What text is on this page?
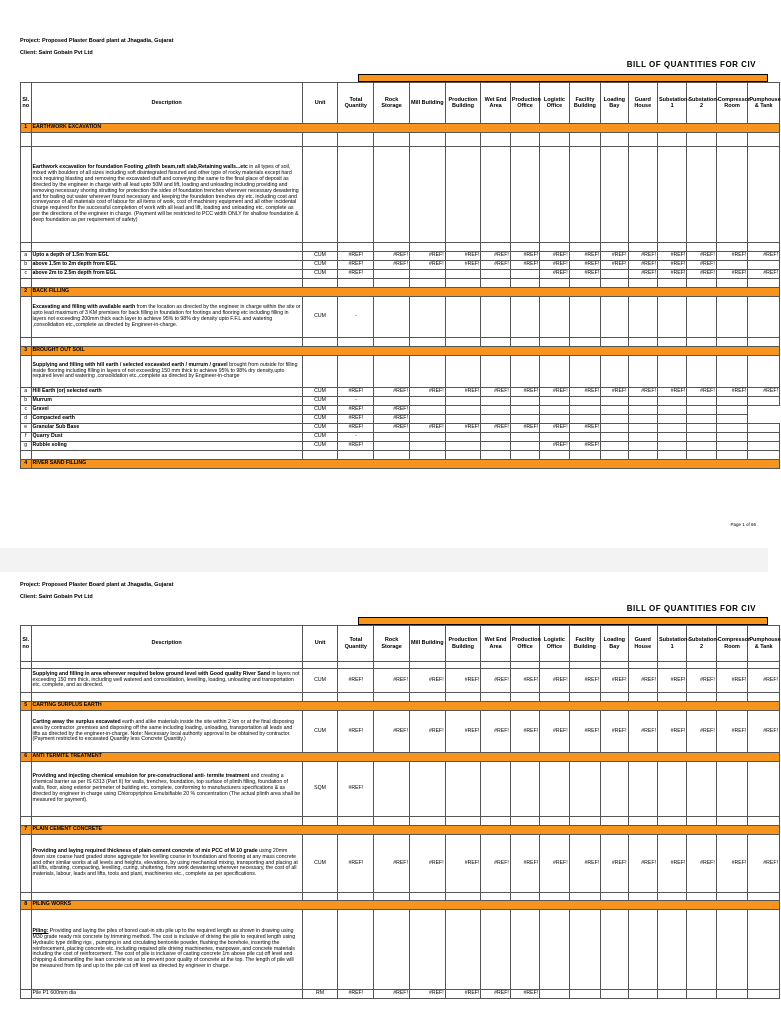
Project: Proposed Plaster Board plant at Jhagadia, Gujarat
Client: Saint Gobain Pvt Ltd
BILL OF QUANTITIES FOR CIV
Sl. no	Description	Unit	Total Quantity	Rock Storage	Mill Building	Production Building	Wet End Area	Production Office	Logistic Office	Facility Building	Loading Bay	Guard House	Substation-1	Substation-2	Compressor Room	Pumphouse & Tank
1	EARTHWORK EXCAVATION															

	Earthwork excavation for foundation Footing ,plinth beam,raft slab,Retaining walls...etc in all types of soil, mixed with boulders of all sizes including soft disintegrated fissured and other type of rocky materials except hard rock requiring blasting and removing the excavated stuff and conveying the same to the final place of deposit as directed by the engineer in charge with all lead upto 50M and lift, loading and unloading including providing and removing necessary shoring strutting for protection the sides of foundation trenches wherever necessary dewatering and for bailing out water wherever found necessary and keeping the foundation trenches dry etc. including cost and conveyance of all materials cost of labour for all items of work, cost of machinery equipment and all other incidental charge required for the successful completion of work with all lead and lift, loading and unloading etc. complete as per the directions of the engineer in charge. (Payment will be restricted to PCC width ONLY for shallow foundation & deep foundation as per requirement of safety)															

a	Upto a depth of 1.5m from EGL	CUM	#REF!	#REF!	#REF!	#REF!	#REF!	#REF!	#REF!	#REF!	#REF!	#REF!	#REF!	#REF!	#REF!	#REF!
b	above 1.5m to 2m depth from EGL	CUM	#REF!	#REF!	#REF!	#REF!	#REF!	#REF!	#REF!	#REF!	#REF!	#REF!	#REF!	#REF!		
c	above 2m to 2.5m depth from EGL	CUM	#REF!						#REF!	#REF!		#REF!	#REF!	#REF!	#REF!	#REF!

2	BACK FILLING															
	Excavating and filling with available earth from the location as directed by the engineer in charge within the site or upto lead maximum of 3 KM premises for back filling in foundation for footings and flooring etc including filling in layers not exceeding 200mm thick each layer to achieve 95% to 98% dry density upto F.F.L and watering ,consolidation etc.,complete as directed by Engineer-in-charge.	CUM	-													

3	BROUGHT OUT SOIL															
	Supplying and filling with hill earth / selected excavated earth / murrum / gravel brought from outside for filling inside flooring including filling in layers of not exceeding 150 mm thick to achieve 95% to 98% dry density,upto required level and watering ,consolidation etc.,complete as directed by Engineer-in-charge															
a	Hill Earth (or) selected earth	CUM	#REF!	#REF!	#REF!	#REF!	#REF!	#REF!	#REF!	#REF!	#REF!	#REF!	#REF!	#REF!	#REF!	#REF!
b	Murrum	CUM	-													
c	Gravel	CUM	#REF!	#REF!												
d	Compacted earth	CUM	#REF!	#REF!												
e	Granular Sub Base	CUM	#REF!	#REF!	#REF!	#REF!	#REF!	#REF!	#REF!	#REF!						
f	Quarry Dust	CUM	-													
g	Rubble soling	CUM	#REF!						#REF!	#REF!						

4	RIVER SAND FILLING															
Page 1 of 66
Project: Proposed Plaster Board plant at Jhagadia, Gujarat
Client: Saint Gobain Pvt Ltd
BILL OF QUANTITIES FOR CIV
Sl. no	Description	Unit	Total Quantity	Rock Storage	Mill Building	Production Building	Wet End Area	Production Office	Logistic Office	Facility Building	Loading Bay	Guard House	Substation-1	Substation-2	Compressor Room	Pumphouse & Tank

	Supplying and filling in area wherever required below ground level with Good quality River Sand in layers not exceeding 150 mm thick, including well watered and consolidation, levelling, loading, unloading and transportation etc. complete, and as directed.	CUM	#REF!	#REF!	#REF!	#REF!	#REF!	#REF!	#REF!	#REF!	#REF!	#REF!	#REF!	#REF!	#REF!	#REF!

5	CARTING SURPLUS EARTH															
	Carting away the surplus excavated earth and alike materials inside the site within 2 km or at the final disposing area by contractor ,premises and disposing off the same including loading, unloading, transportation all leads and lifts as directed by the engineer-in-charge. Note: Necessary local authority approval to be obtained by contractor. (Payment restricted to excavated Quantity less Concrete Quantity.)	CUM	#REF!	#REF!	#REF!	#REF!	#REF!	#REF!	#REF!	#REF!	#REF!	#REF!	#REF!	#REF!	#REF!	#REF!
6	ANTI TERMITE TREATMENT															
	Providing and injecting chemical emulsion for pre-constructional anti- termite treatment and creating a chemical barrier as per IS 6313 (Part II) for walls, trenches, foundation, top surface of plinth filling, foundation of walls, floor, along exterior perimeter of building etc. complete, conforming to manufacturers specifications & as directed by engineer in charge using Chloropyriphos Emulsifiable 20 % concentration (The actual plinth area shall be measured for payment).	SQM	#REF!													

7	PLAIN CEMENT CONCRETE															
	Providing and laying required thickness of plain cement concrete of mix PCC of M 10 grade using 20mm down size coarse hard graded stone aggregate for levelling course in foundation and flooring at any mass concrete and other similar works at all levels and heights, elevations, by using mechanical mixing, transporting and placing at all lifts, vibrating, compacting, levelling, curing, shuttering, form work dewatering wherever necessary, the cost of all materials, labour, leads and lifts, tools and plant, machineries etc., complete as per specifications.	CUM	#REF!	#REF!	#REF!	#REF!	#REF!	#REF!	#REF!	#REF!	#REF!	#REF!	#REF!	#REF!	#REF!	#REF!

8	PILING WORKS															
	Piling: Providing and laying the piles of bored cast-in situ pile up to the required length as shown in drawing using M30 grade ready mix concrete by trimming method. The cost is inclusive of driving the pile to required length using Hydraulic type drilling rigs , pumping in and circulating bentonite powder, flushing the borehole, inserting the reinforcement, placing concrete etc. including required pile driving machineries, manpower, and concrete materials including the cost of reinforcement. The cost of pile is inclusive of casting concrete 1m above pile cut off level and chipping & dismantling the lean concrete so as to prevent poor quality of concrete at the top. The length of pile will be measured from tip and up to the pile cut off level as directed by engineer in charge.															
	Pile P1 600mm dia	RM	#REF!	#REF!	#REF!	#REF!	#REF!	#REF!								
